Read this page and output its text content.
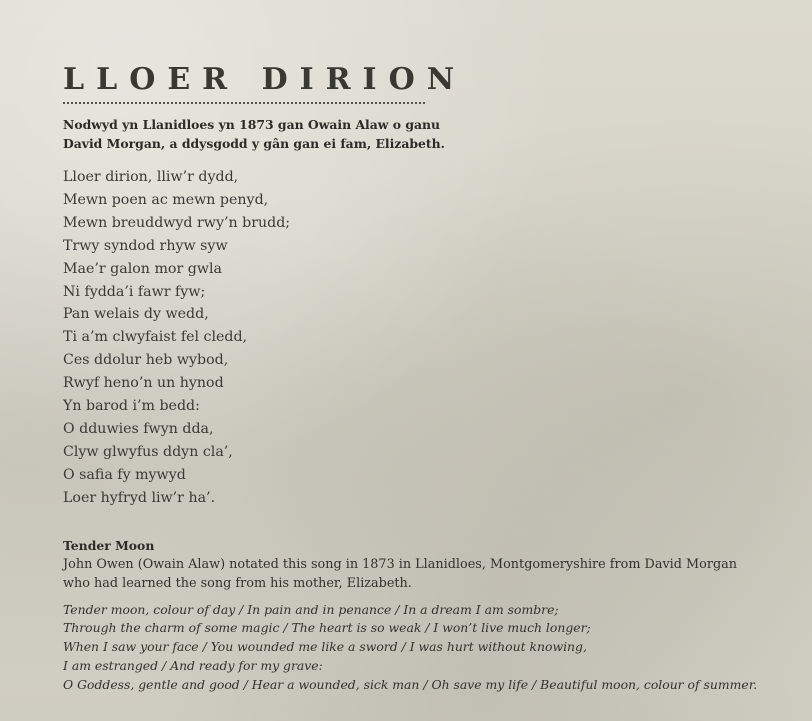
LLOER DIRION
Nodwyd yn Llanidloes yn 1873 gan Owain Alaw o ganu
David Morgan, a ddysgodd y gân gan ei fam, Elizabeth.
Lloer dirion, lliw’r dydd,
Mewn poen ac mewn penyd,
Mewn breuddwyd rwy’n brudd;
Trwy syndod rhyw syw
Mae’r galon mor gwla
Ni fydda’i fawr fyw;
Pan welais dy wedd,
Ti a’m clwyfaist fel cledd,
Ces ddolur heb wybod,
Rwyf heno’n un hynod
Yn barod i’m bedd:
O dduwies fwyn dda,
Clyw glwyfus ddyn cla’,
O safia fy mywyd
Loer hyfryd liw’r ha’.
Tender Moon
John Owen (Owain Alaw) notated this song in 1873 in Llanidloes, Montgomeryshire from David Morgan
who had learned the song from his mother, Elizabeth.
Tender moon, colour of day / In pain and in penance / In a dream I am sombre;
Through the charm of some magic / The heart is so weak / I won’t live much longer;
When I saw your face / You wounded me like a sword / I was hurt without knowing,
I am estranged / And ready for my grave:
O Goddess, gentle and good / Hear a wounded, sick man / Oh save my life / Beautiful moon, colour of summer.
